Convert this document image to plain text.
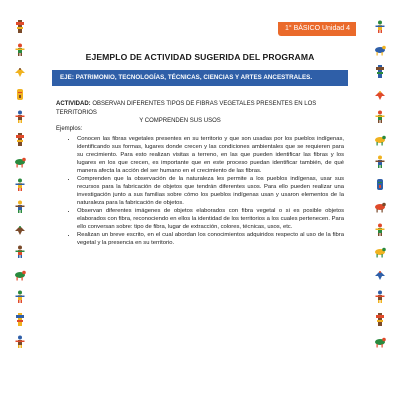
1° BÁSICO Unidad 4
EJEMPLO DE ACTIVIDAD SUGERIDA DEL PROGRAMA
EJE: PATRIMONIO, TECNOLOGÍAS, TÉCNICAS, CIENCIAS Y ARTES ANCESTRALES.
ACTIVIDAD: OBSERVAN DIFERENTES TIPOS DE FIBRAS VEGETALES PRESENTES EN LOS TERRITORIOS
Y COMPRENDEN SUS USOS
Ejemplos:
• Conocen las fibras vegetales presentes en su territorio y que son usadas por los pueblos indígenas, identificando sus formas, lugares donde crecen y las condiciones ambientales que se requieren para su crecimiento. Para esto realizan visitas a terreno, en las que pueden identificar las fibras y los lugares en los que crecen, es importante que en este proceso puedan identificar también, de qué manera afecta la acción del ser humano en el crecimiento de las fibras.
• Comprenden que la observación de la naturaleza les permite a los pueblos indígenas, usar sus recursos para la fabricación de objetos que tendrán diferentes usos. Para ello pueden realizar una investigación junto a sus familias sobre cómo los pueblos indígenas usan y usaron elementos de la naturaleza para la fabricación de objetos.
• Observan diferentes imágenes de objetos elaborados con fibra vegetal o si es posible objetos elaborados con fibra, reconociendo en ellos la identidad de los territorios a los cuales pertenecen. Para ello conversan sobre: tipo de fibra, lugar de extracción, colores, técnicas, usos, etc.
• Realizan un breve escrito, en el cual abordan los conocimientos adquiridos respecto al uso de la fibra vegetal y la presencia en su territorio.
